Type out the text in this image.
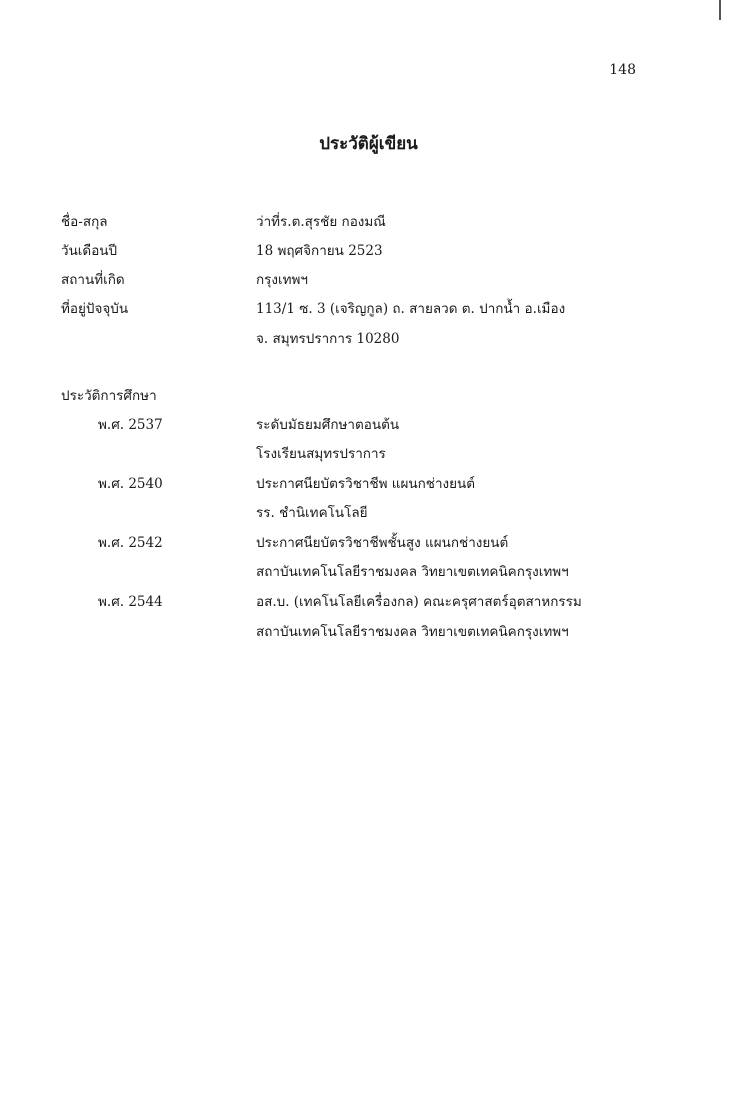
148
ประวัติผู้เขียน
ชื่อ-สกุล	ว่าที่ร.ต.สุรชัย กองมณี
วันเดือนปี	18 พฤศจิกายน 2523
สถานที่เกิด	กรุงเทพฯ
ที่อยู่ปัจจุบัน	113/1 ซ. 3 (เจริญกูล) ถ. สายลวด ต. ปากน้ำ อ.เมือง
จ. สมุทรปราการ 10280
ประวัติการศึกษา
พ.ศ. 2537	ระดับมัธยมศึกษาตอนต้น
โรงเรียนสมุทรปราการ
พ.ศ. 2540	ประกาศนียบัตรวิชาชีพ แผนกช่างยนต์
รร. ชำนิเทคโนโลยี
พ.ศ. 2542	ประกาศนียบัตรวิชาชีพชั้นสูง แผนกช่างยนต์
สถาบันเทคโนโลยีราชมงคล วิทยาเขตเทคนิคกรุงเทพฯ
พ.ศ. 2544	อส.บ. (เทคโนโลยีเครื่องกล) คณะครุศาสตร์อุตสาหกรรม
สถาบันเทคโนโลยีราชมงคล วิทยาเขตเทคนิคกรุงเทพฯ
